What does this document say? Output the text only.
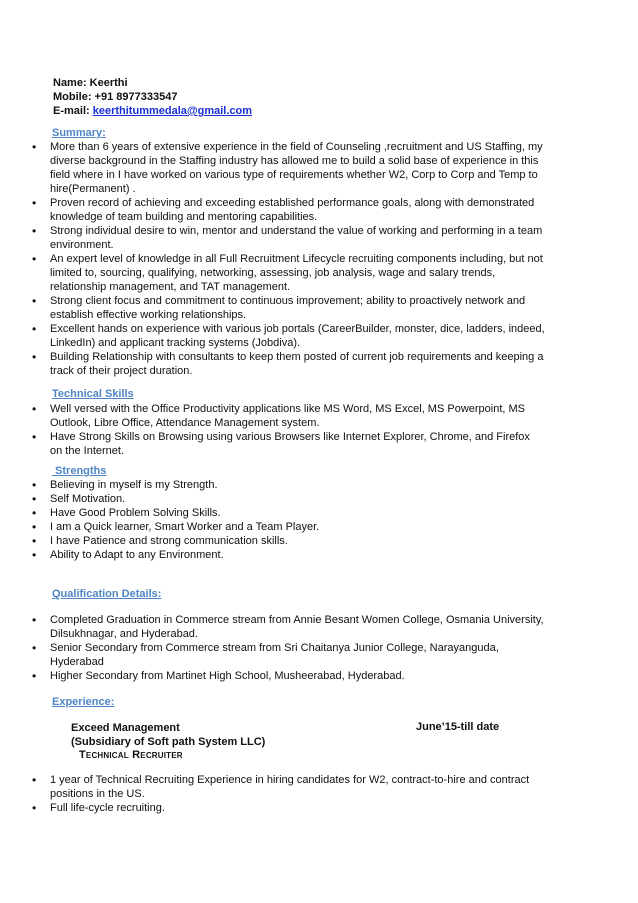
Name: Keerthi
Mobile: +91 8977333547
E-mail: keerthitummedala@gmail.com
Summary:
• More than 6 years of extensive experience in the field of Counseling ,recruitment and US Staffing, my diverse background in the Staffing industry has allowed me to build a solid base of experience in this field where in I have worked on various type of requirements whether W2, Corp to Corp and Temp to hire(Permanent) .
• Proven record of achieving and exceeding established performance goals, along with demonstrated knowledge of team building and mentoring capabilities.
• Strong individual desire to win, mentor and understand the value of working and performing in a team environment.
• An expert level of knowledge in all Full Recruitment Lifecycle recruiting components including, but not limited to, sourcing, qualifying, networking, assessing, job analysis, wage and salary trends, relationship management, and TAT management.
• Strong client focus and commitment to continuous improvement; ability to proactively network and establish effective working relationships.
• Excellent hands on experience with various job portals (CareerBuilder, monster, dice, ladders, indeed, LinkedIn) and applicant tracking systems (Jobdiva).
• Building Relationship with consultants to keep them posted of current job requirements and keeping a track of their project duration.
Technical Skills
• Well versed with the Office Productivity applications like MS Word, MS Excel, MS Powerpoint, MS Outlook, Libre Office, Attendance Management system.
• Have Strong Skills on Browsing using various Browsers like Internet Explorer, Chrome, and Firefox on the Internet.
Strengths
• Believing in myself is my Strength.
• Self Motivation.
• Have Good Problem Solving Skills.
• I am a Quick learner, Smart Worker and a Team Player.
• I have Patience and strong communication skills.
• Ability to Adapt to any Environment.
Qualification Details:
• Completed Graduation in Commerce stream from Annie Besant Women College, Osmania University, Dilsukhnagar, and Hyderabad.
• Senior Secondary from Commerce stream from Sri Chaitanya Junior College, Narayanguda, Hyderabad
• Higher Secondary from Martinet High School, Musheerabad, Hyderabad.
Experience:
Exceed Management	June’15-till date
(Subsidiary of Soft path System LLC)
TECHNICAL RECRUITER
• 1 year of Technical Recruiting Experience in hiring candidates for W2, contract-to-hire and contract positions in the US.
• Full life-cycle recruiting.
